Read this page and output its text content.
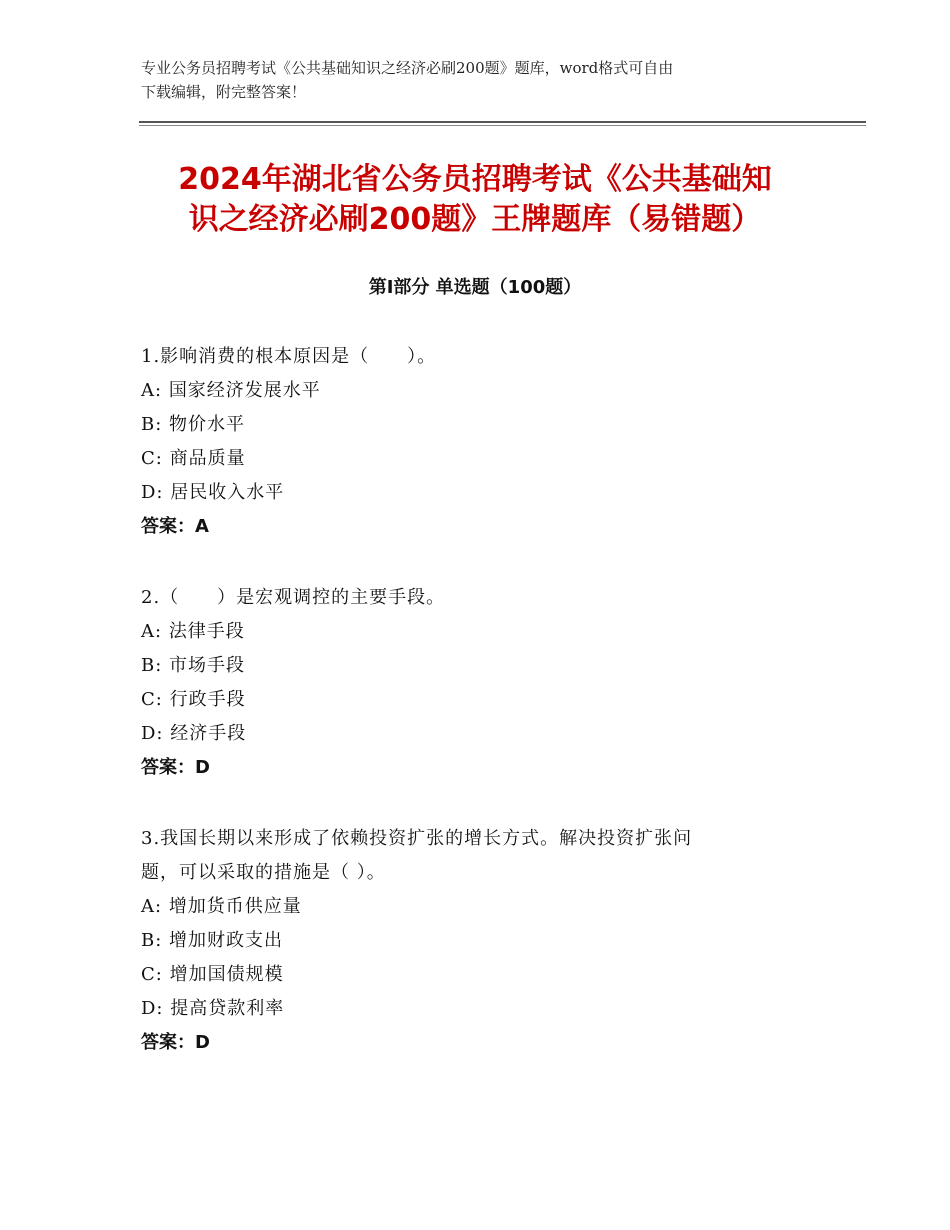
专业公务员招聘考试《公共基础知识之经济必刷200题》题库，word格式可自由
下载编辑，附完整答案！
2024年湖北省公务员招聘考试《公共基础知
识之经济必刷200题》王牌题库（易错题）
第Ⅰ部分 单选题（100题）
1.影响消费的根本原因是（　　）。
A: 国家经济发展水平
B: 物价水平
C: 商品质量
D: 居民收入水平
答案：A
2.（　　）是宏观调控的主要手段。
A: 法律手段
B: 市场手段
C: 行政手段
D: 经济手段
答案：D
3.我国长期以来形成了依赖投资扩张的增长方式。解决投资扩张问
题，可以采取的措施是（ ）。
A: 增加货币供应量
B: 增加财政支出
C: 增加国债规模
D: 提高贷款利率
答案：D
